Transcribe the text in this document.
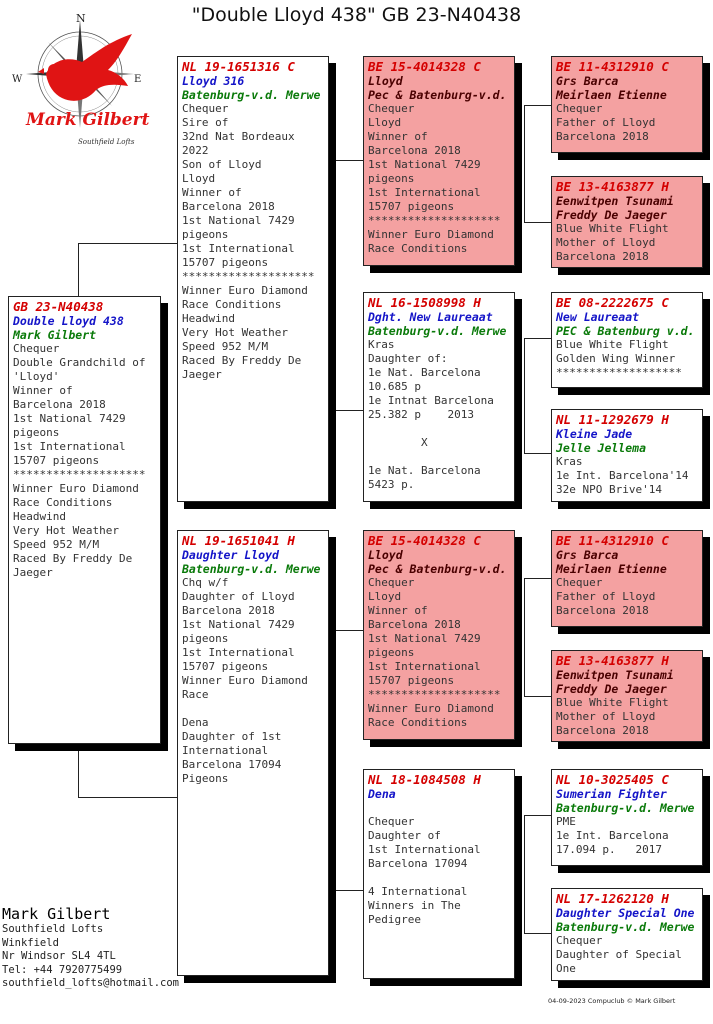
"Double Lloyd 438" GB 23-N40438
N
E
W
Mark Gilbert
Southfield Lofts
GB 23-N40438
Double Lloyd 438
Mark Gilbert
Chequer
Double Grandchild of
'Lloyd'
Winner of
Barcelona 2018
1st National 7429
pigeons
1st International
15707 pigeons
********************
Winner Euro Diamond
Race Conditions
Headwind
Very Hot Weather
Speed 952 M/M
Raced By Freddy De
Jaeger
NL 19-1651316 C
Lloyd 316
Batenburg-v.d. Merwe
Chequer
Sire of
32nd Nat Bordeaux
2022
Son of Lloyd
Lloyd
Winner of
Barcelona 2018
1st National 7429
pigeons
1st International
15707 pigeons
********************
Winner Euro Diamond
Race Conditions
Headwind
Very Hot Weather
Speed 952 M/M
Raced By Freddy De
Jaeger
NL 19-1651041 H
Daughter Lloyd
Batenburg-v.d. Merwe
Chq w/f
Daughter of Lloyd
Barcelona 2018
1st National 7429
pigeons
1st International
15707 pigeons
Winner Euro Diamond
Race

Dena
Daughter of 1st
International
Barcelona 17094
Pigeons
BE 15-4014328 C
Lloyd
Pec & Batenburg-v.d.
Chequer
Lloyd
Winner of
Barcelona 2018
1st National 7429
pigeons
1st International
15707 pigeons
********************
Winner Euro Diamond
Race Conditions
NL 16-1508998 H
Dght. New Laureaat
Batenburg-v.d. Merwe
Kras
Daughter of:
1e Nat. Barcelona
10.685 p
1e Intnat Barcelona
25.382 p    2013

X

1e Nat. Barcelona
5423 p.
BE 15-4014328 C
Lloyd
Pec & Batenburg-v.d.
Chequer
Lloyd
Winner of
Barcelona 2018
1st National 7429
pigeons
1st International
15707 pigeons
********************
Winner Euro Diamond
Race Conditions
NL 18-1084508 H
Dena

Chequer
Daughter of
1st International
Barcelona 17094

4 International
Winners in The
Pedigree
BE 11-4312910 C
Grs Barca
Meirlaen Etienne
Chequer
Father of Lloyd
Barcelona 2018
BE 13-4163877 H
Eenwitpen Tsunami
Freddy De Jaeger
Blue White Flight
Mother of Lloyd
Barcelona 2018
BE 08-2222675 C
New Laureaat
PEC & Batenburg v.d.
Blue White Flight
Golden Wing Winner
*******************
NL 11-1292679 H
Kleine Jade
Jelle Jellema
Kras
1e Int. Barcelona'14
32e NPO Brive'14
BE 11-4312910 C
Grs Barca
Meirlaen Etienne
Chequer
Father of Lloyd
Barcelona 2018
BE 13-4163877 H
Eenwitpen Tsunami
Freddy De Jaeger
Blue White Flight
Mother of Lloyd
Barcelona 2018
NL 10-3025405 C
Sumerian Fighter
Batenburg-v.d. Merwe
PME
1e Int. Barcelona
17.094 p.   2017
NL 17-1262120 H
Daughter Special One
Batenburg-v.d. Merwe
Chequer
Daughter of Special
One
Mark Gilbert
Southfield Lofts
Winkfield
Nr Windsor SL4 4TL
Tel: +44 7920775499
southfield_lofts@hotmail.com
04-09-2023 Compuclub © Mark Gilbert
